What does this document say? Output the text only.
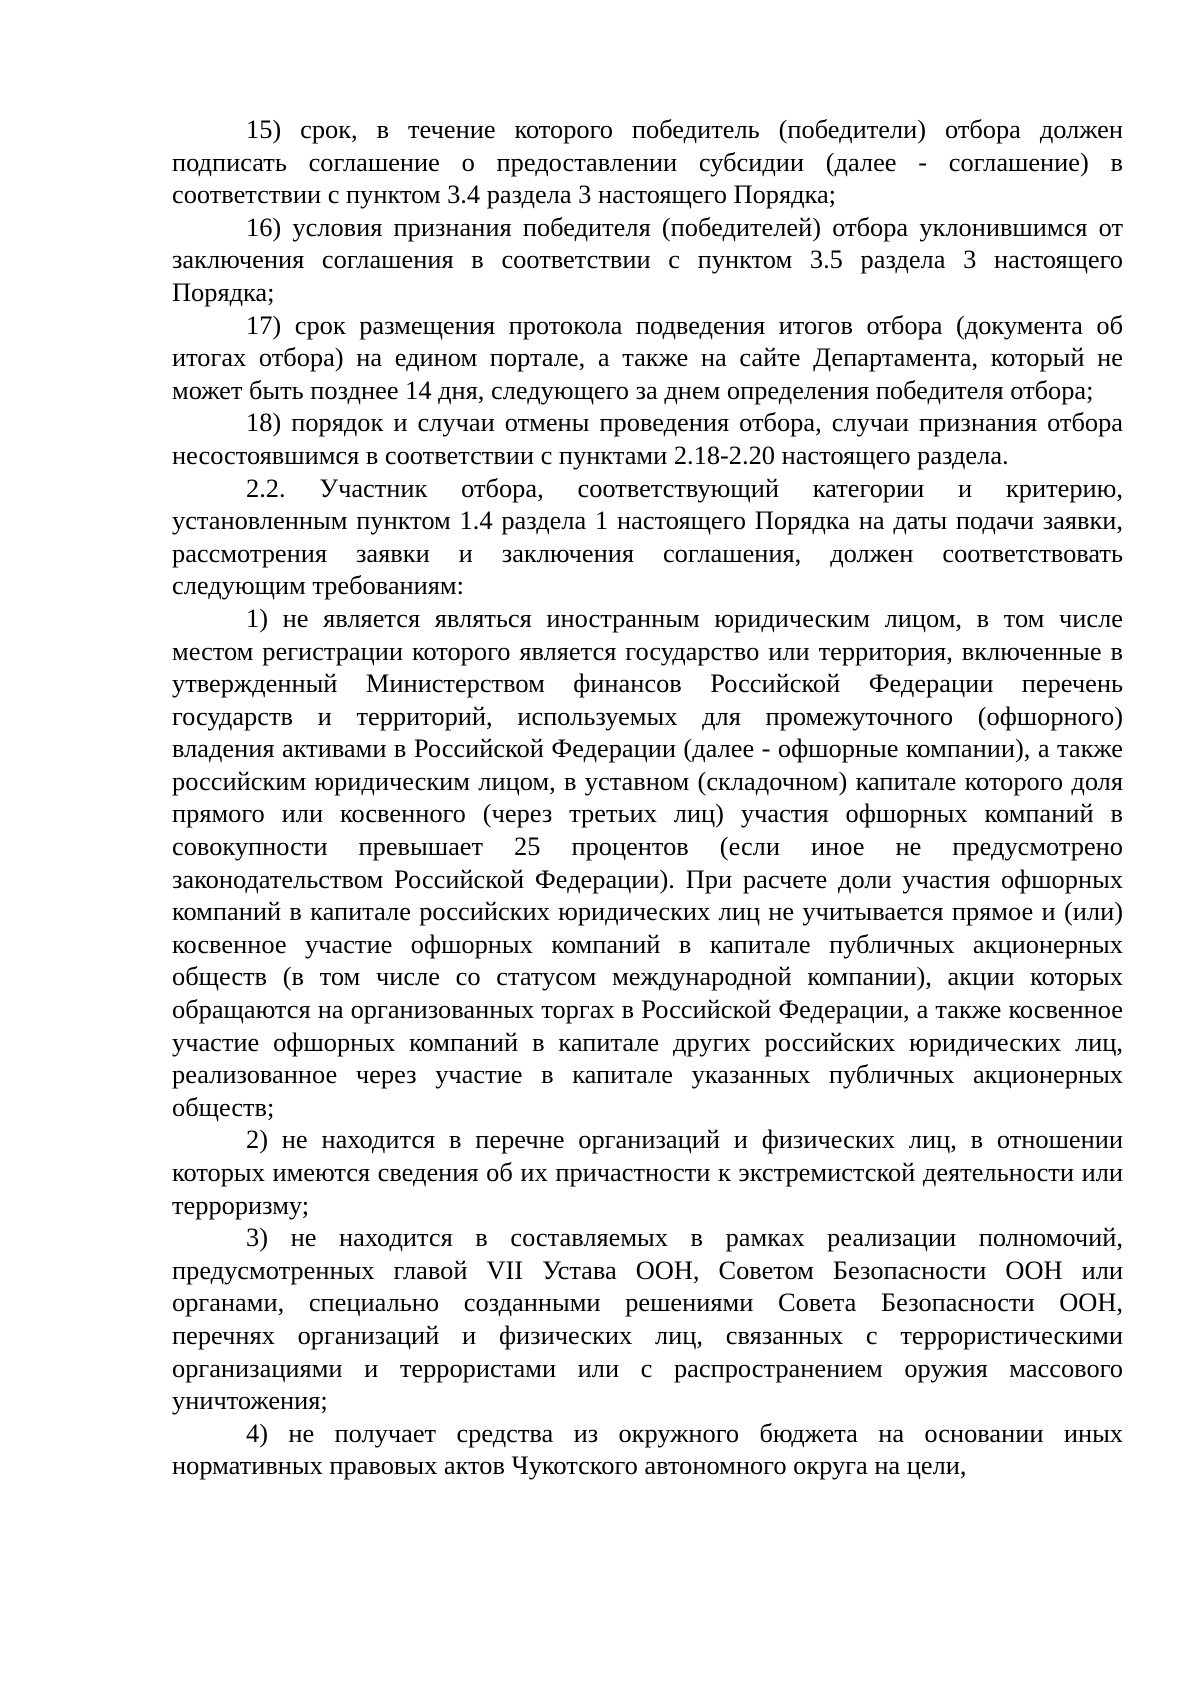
15) срок, в течение которого победитель (победители) отбора должен подписать соглашение о предоставлении субсидии (далее - соглашение) в соответствии с пунктом 3.4 раздела 3 настоящего Порядка;

16) условия признания победителя (победителей) отбора уклонившимся от заключения соглашения в соответствии с пунктом 3.5 раздела 3 настоящего Порядка;

17) срок размещения протокола подведения итогов отбора (документа об итогах отбора) на едином портале, а также на сайте Департамента, который не может быть позднее 14 дня, следующего за днем определения победителя отбора;

18) порядок и случаи отмены проведения отбора, случаи признания отбора несостоявшимся в соответствии с пунктами 2.18-2.20 настоящего раздела.

2.2. Участник отбора, соответствующий категории и критерию, установленным пунктом 1.4 раздела 1 настоящего Порядка на даты подачи заявки, рассмотрения заявки и заключения соглашения, должен соответствовать следующим требованиям:

1) не является являться иностранным юридическим лицом, в том числе местом регистрации которого является государство или территория, включенные в утвержденный Министерством финансов Российской Федерации перечень государств и территорий, используемых для промежуточного (офшорного) владения активами в Российской Федерации (далее - офшорные компании), а также российским юридическим лицом, в уставном (складочном) капитале которого доля прямого или косвенного (через третьих лиц) участия офшорных компаний в совокупности превышает 25 процентов (если иное не предусмотрено законодательством Российской Федерации). При расчете доли участия офшорных компаний в капитале российских юридических лиц не учитывается прямое и (или) косвенное участие офшорных компаний в капитале публичных акционерных обществ (в том числе со статусом международной компании), акции которых обращаются на организованных торгах в Российской Федерации, а также косвенное участие офшорных компаний в капитале других российских юридических лиц, реализованное через участие в капитале указанных публичных акционерных обществ;

2) не находится в перечне организаций и физических лиц, в отношении которых имеются сведения об их причастности к экстремистской деятельности или терроризму;

3) не находится в составляемых в рамках реализации полномочий, предусмотренных главой VII Устава ООН, Советом Безопасности ООН или органами, специально созданными решениями Совета Безопасности ООН, перечнях организаций и физических лиц, связанных с террористическими организациями и террористами или с распространением оружия массового уничтожения;

4) не получает средства из окружного бюджета на основании иных нормативных правовых актов Чукотского автономного округа на цели,
